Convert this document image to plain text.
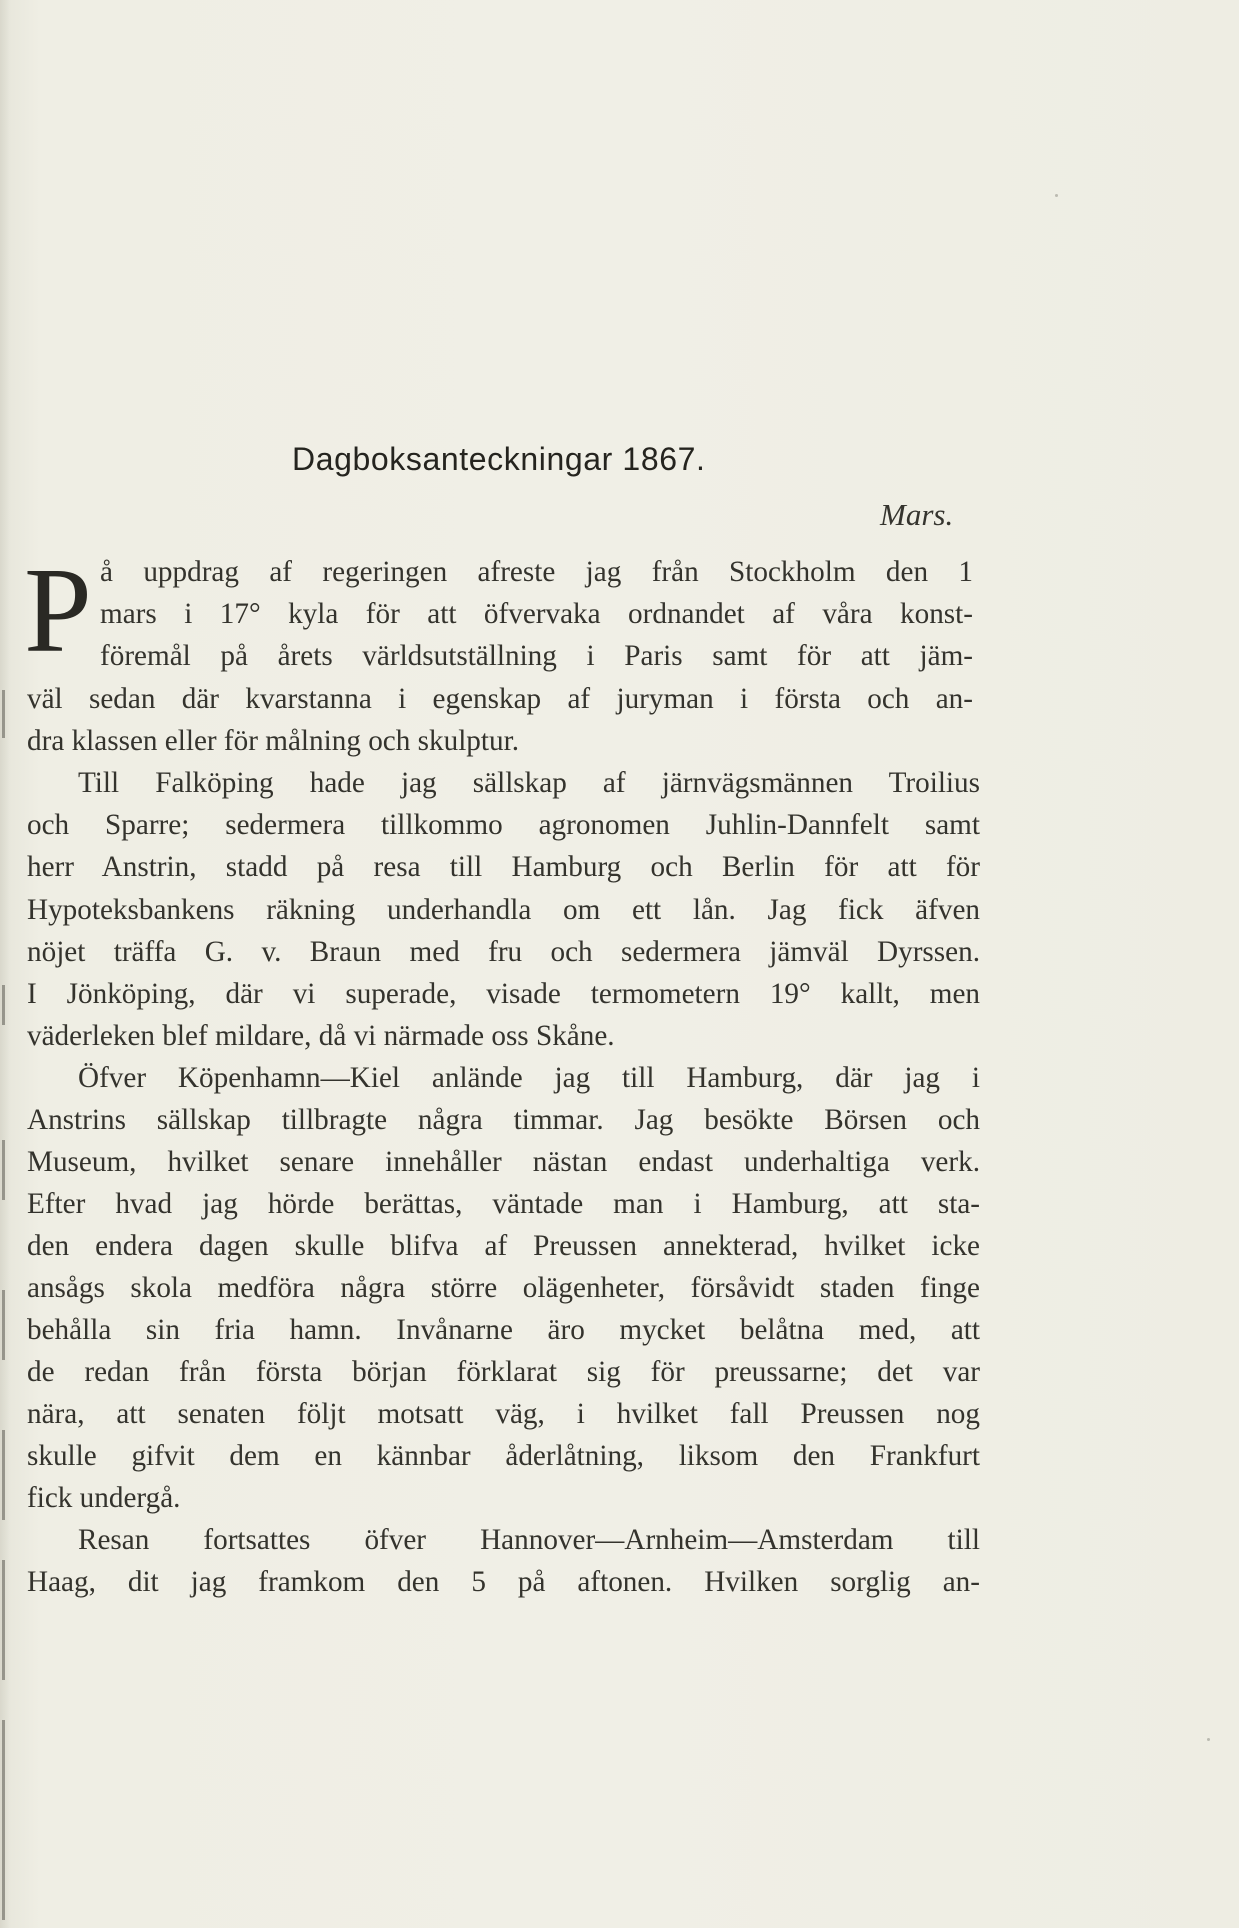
Dagboksanteckningar 1867.
Mars.
P å uppdrag af regeringen afreste jag från Stockholm den 1
mars i 17° kyla för att öfvervaka ordnandet af våra konst-
föremål på årets världsutställning i Paris samt för att jäm-
väl sedan där kvarstanna i egenskap af juryman i första och an-
dra klassen eller för målning och skulptur.
Till Falköping hade jag sällskap af järnvägsmännen Troilius
och Sparre; sedermera tillkommo agronomen Juhlin-Dannfelt samt
herr Anstrin, stadd på resa till Hamburg och Berlin för att för
Hypoteksbankens räkning underhandla om ett lån. Jag fick äfven
nöjet träffa G. v. Braun med fru och sedermera jämväl Dyrssen.
I Jönköping, där vi superade, visade termometern 19° kallt, men
väderleken blef mildare, då vi närmade oss Skåne.
Öfver Köpenhamn—Kiel anlände jag till Hamburg, där jag i
Anstrins sällskap tillbragte några timmar. Jag besökte Börsen och
Museum, hvilket senare innehåller nästan endast underhaltiga verk.
Efter hvad jag hörde berättas, väntade man i Hamburg, att sta-
den endera dagen skulle blifva af Preussen annekterad, hvilket icke
ansågs skola medföra några större olägenheter, försåvidt staden finge
behålla sin fria hamn. Invånarne äro mycket belåtna med, att
de redan från första början förklarat sig för preussarne; det var
nära, att senaten följt motsatt väg, i hvilket fall Preussen nog
skulle gifvit dem en kännbar åderlåtning, liksom den Frankfurt
fick undergå.
Resan fortsattes öfver Hannover—Arnheim—Amsterdam till
Haag, dit jag framkom den 5 på aftonen. Hvilken sorglig an-
